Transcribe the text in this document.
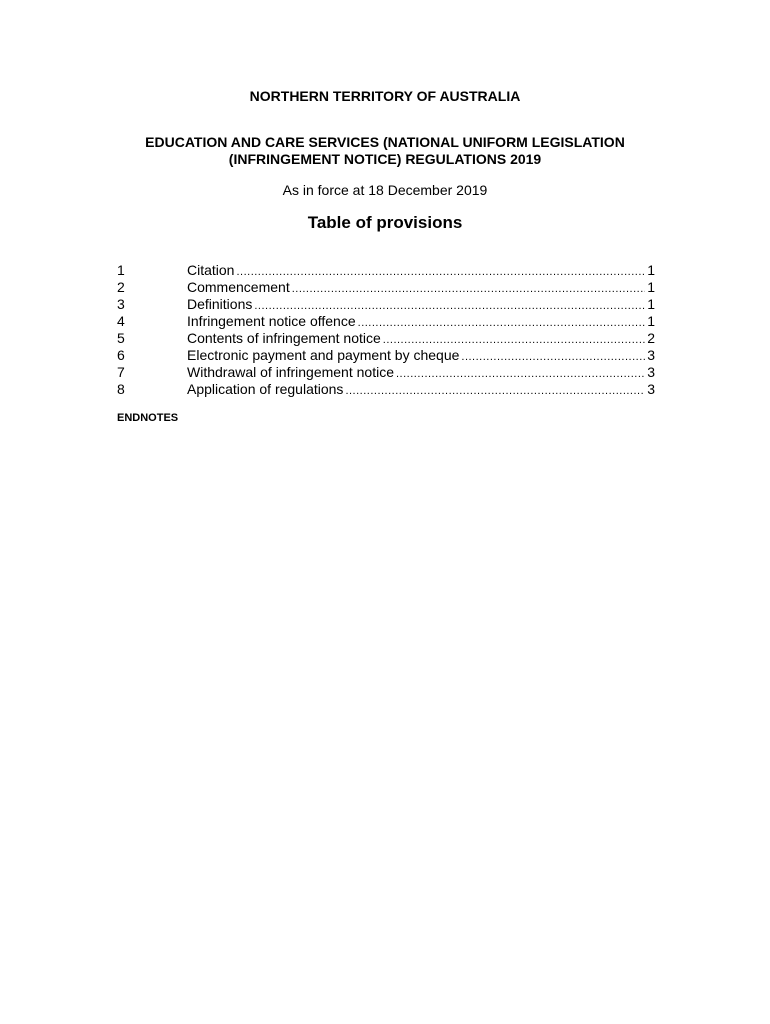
NORTHERN TERRITORY OF AUSTRALIA
EDUCATION AND CARE SERVICES (NATIONAL UNIFORM LEGISLATION
(INFRINGEMENT NOTICE) REGULATIONS 2019
As in force at 18 December 2019
Table of provisions
1	Citation .....	1
2	Commencement .....	1
3	Definitions .....	1
4	Infringement notice offence .....	1
5	Contents of infringement notice .....	2
6	Electronic payment and payment by cheque .....	3
7	Withdrawal of infringement notice .....	3
8	Application of regulations .....	3
ENDNOTES
